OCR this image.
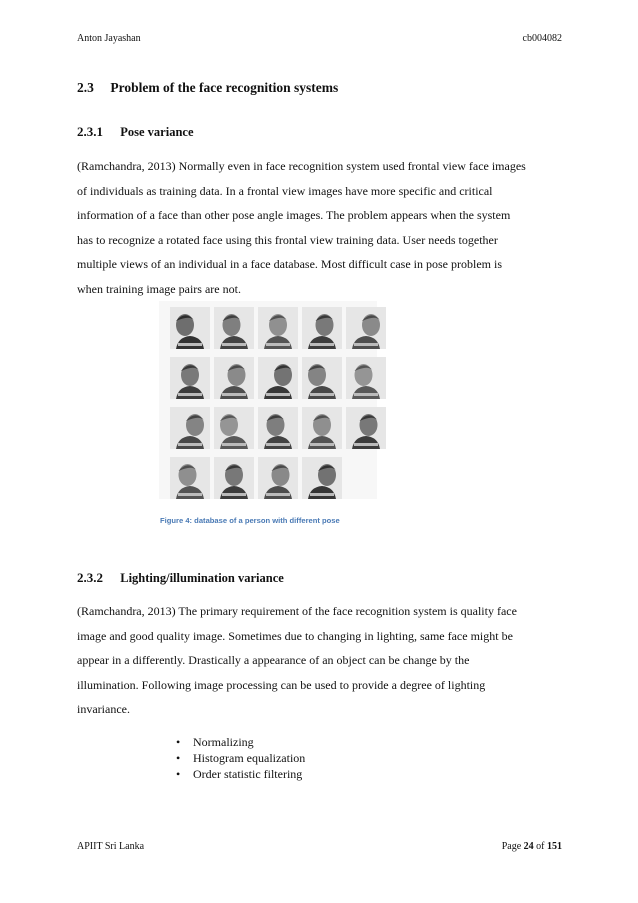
Anton Jayashan	cb004082
2.3 Problem of the face recognition systems
2.3.1 Pose variance
(Ramchandra, 2013) Normally even in face recognition system used frontal view face images
of individuals as training data. In a frontal view images have more specific and critical
information of a face than other pose angle images. The problem appears when the system
has to recognize a rotated face using this frontal view training data. User needs together
multiple views of an individual in a face database. Most difficult case in pose problem is
when training image pairs are not.
Figure 4: database of a person with different pose
2.3.2 Lighting/illumination variance
(Ramchandra, 2013) The primary requirement of the face recognition system is quality face
image and good quality image. Sometimes due to changing in lighting, same face might be
appear in a differently. Drastically a appearance of an object can be change by the
illumination. Following image processing can be used to provide a degree of lighting
invariance.
• Normalizing
• Histogram equalization
• Order statistic filtering
APIIT Sri Lanka	Page 24 of 151
